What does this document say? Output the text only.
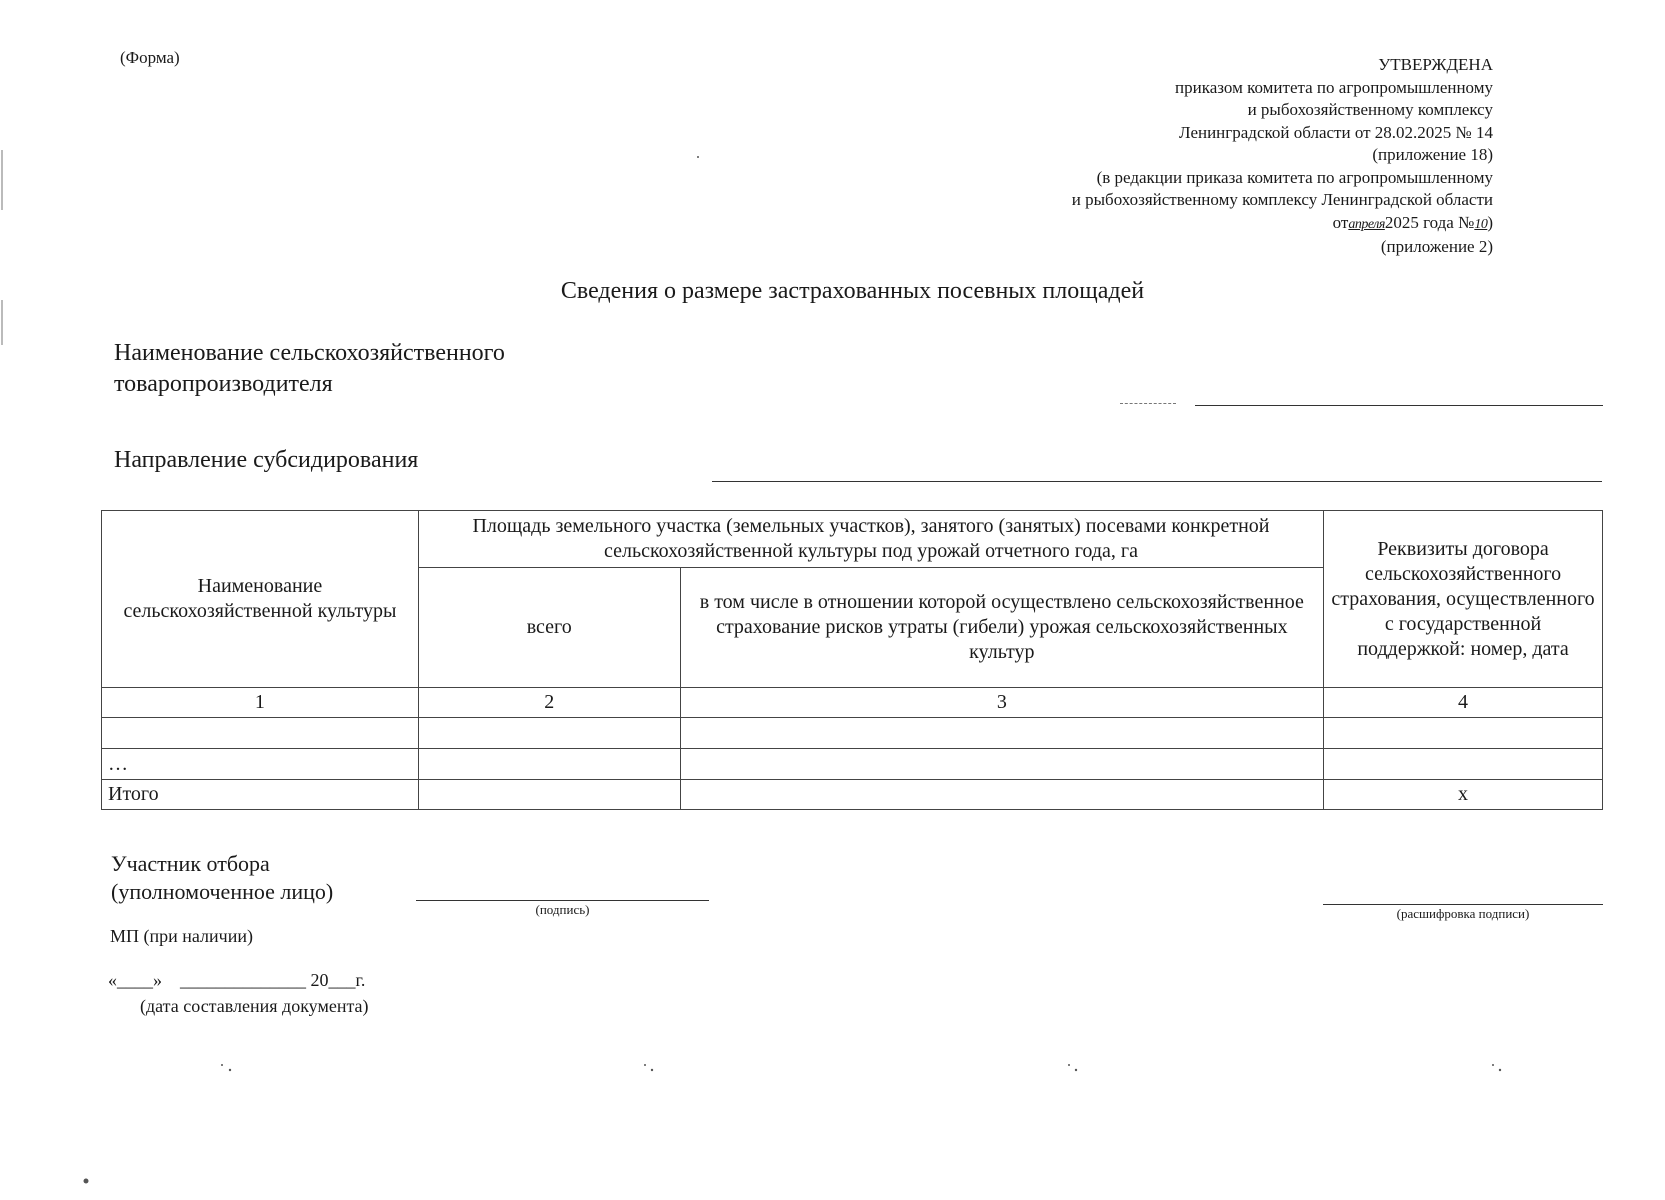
(Форма)	УТВЕРЖДЕНА
приказом комитета по агропромышленному
и рыбохозяйственному комплексу
Ленинградской области от 28.02.2025 № 14
(приложение 18)
(в редакции приказа комитета по агропромышленному
и рыбохозяйственному комплексу Ленинградской области
отапреля2025 года №10)
(приложение 2)
Сведения о размере застрахованных посевных площадей
Наименование сельскохозяйственного
товаропроизводителя
Направление субсидирования
Наименование сельскохозяйственной культуры	Площадь земельного участка (земельных участков), занятого (занятых) посевами конкретной сельскохозяйственной культуры под урожай отчетного года, га		Реквизиты договора сельскохозяйственного страхования, осуществленного с государственной поддержкой: номер, дата
	всего	в том числе в отношении которой осуществлено сельскохозяйственное страхование рисков утраты (гибели) урожая сельскохозяйственных культур	
1	2	3	4

…			
Итого			х
Участник отбора
(уполномоченное лицо)
(подпись)	(расшифровка подписи)
МП (при наличии)
«____»    ______________ 20___г.
(дата составления документа)
